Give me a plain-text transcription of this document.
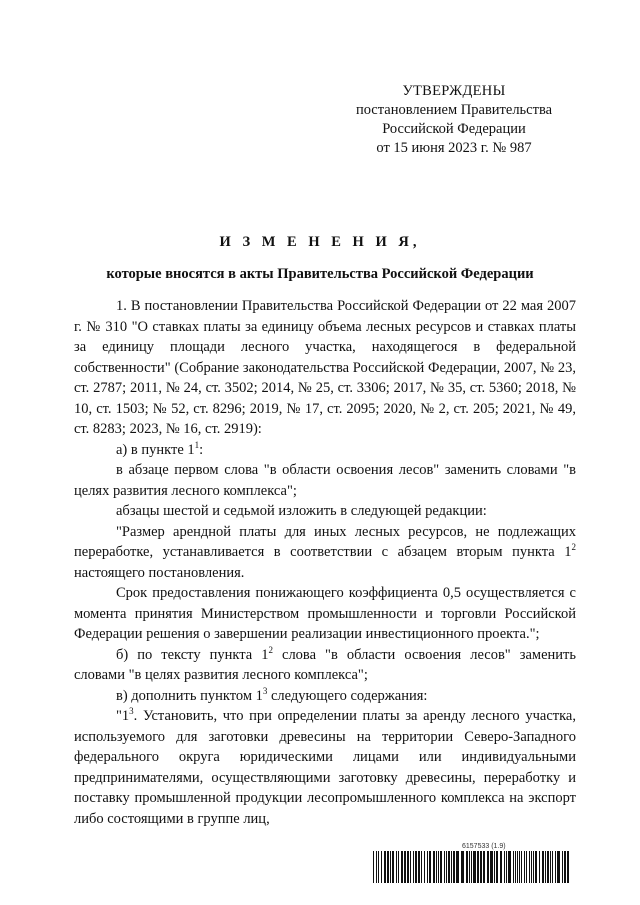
УТВЕРЖДЕНЫ
постановлением Правительства
Российской Федерации
от 15 июня 2023 г. № 987
И З М Е Н Е Н И Я,
которые вносятся в акты Правительства Российской Федерации

1. В постановлении Правительства Российской Федерации от 22 мая 2007 г. № 310 "О ставках платы за единицу объема лесных ресурсов и ставках платы за единицу площади лесного участка, находящегося в федеральной собственности" (Собрание законодательства Российской Федерации, 2007, № 23, ст. 2787; 2011, № 24, ст. 3502; 2014, № 25, ст. 3306; 2017, № 35, ст. 5360; 2018, № 10, ст. 1503; № 52, ст. 8296; 2019, № 17, ст. 2095; 2020, № 2, ст. 205; 2021, № 49, ст. 8283; 2023, № 16, ст. 2919):

а) в пункте $1^1$:

в абзаце первом слова "в области освоения лесов" заменить словами "в целях развития лесного комплекса";

абзацы шестой и седьмой изложить в следующей редакции:

"Размер арендной платы для иных лесных ресурсов, не подлежащих переработке, устанавливается в соответствии с абзацем вторым пункта $1^2$ настоящего постановления.

Срок предоставления понижающего коэффициента 0,5 осуществляется с момента принятия Министерством промышленности и торговли Российской Федерации решения о завершении реализации инвестиционного проекта.";

б) по тексту пункта $1^2$ слова "в области освоения лесов" заменить словами "в целях развития лесного комплекса";

в) дополнить пунктом $1^3$ следующего содержания:

"$1^3$. Установить, что при определении платы за аренду лесного участка, используемого для заготовки древесины на территории Северо-Западного федерального округа юридическими лицами или индивидуальными предпринимателями, осуществляющими заготовку древесины, переработку и поставку промышленной продукции лесопромышленного комплекса на экспорт либо состоящими в группе лиц,

6157533 (1.9)
